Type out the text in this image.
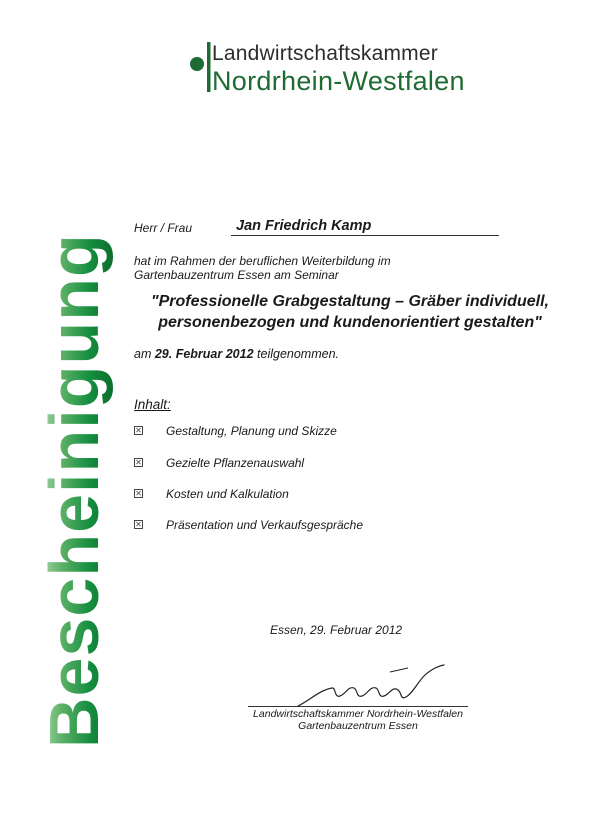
Landwirtschaftskammer
Nordrhein-Westfalen
Bescheinigung
Herr / Frau	Jan Friedrich Kamp
hat im Rahmen der beruflichen Weiterbildung im
Gartenbauzentrum Essen am Seminar
"Professionelle Grabgestaltung – Gräber individuell,
personenbezogen und kundenorientiert gestalten"
am 29. Februar 2012 teilgenommen.
Inhalt:
✕ Gestaltung, Planung und Skizze
✕ Gezielte Pflanzenauswahl
✕ Kosten und Kalkulation
✕ Präsentation und Verkaufsgespräche
Essen, 29. Februar 2012
Landwirtschaftskammer Nordrhein-Westfalen
Gartenbauzentrum Essen
